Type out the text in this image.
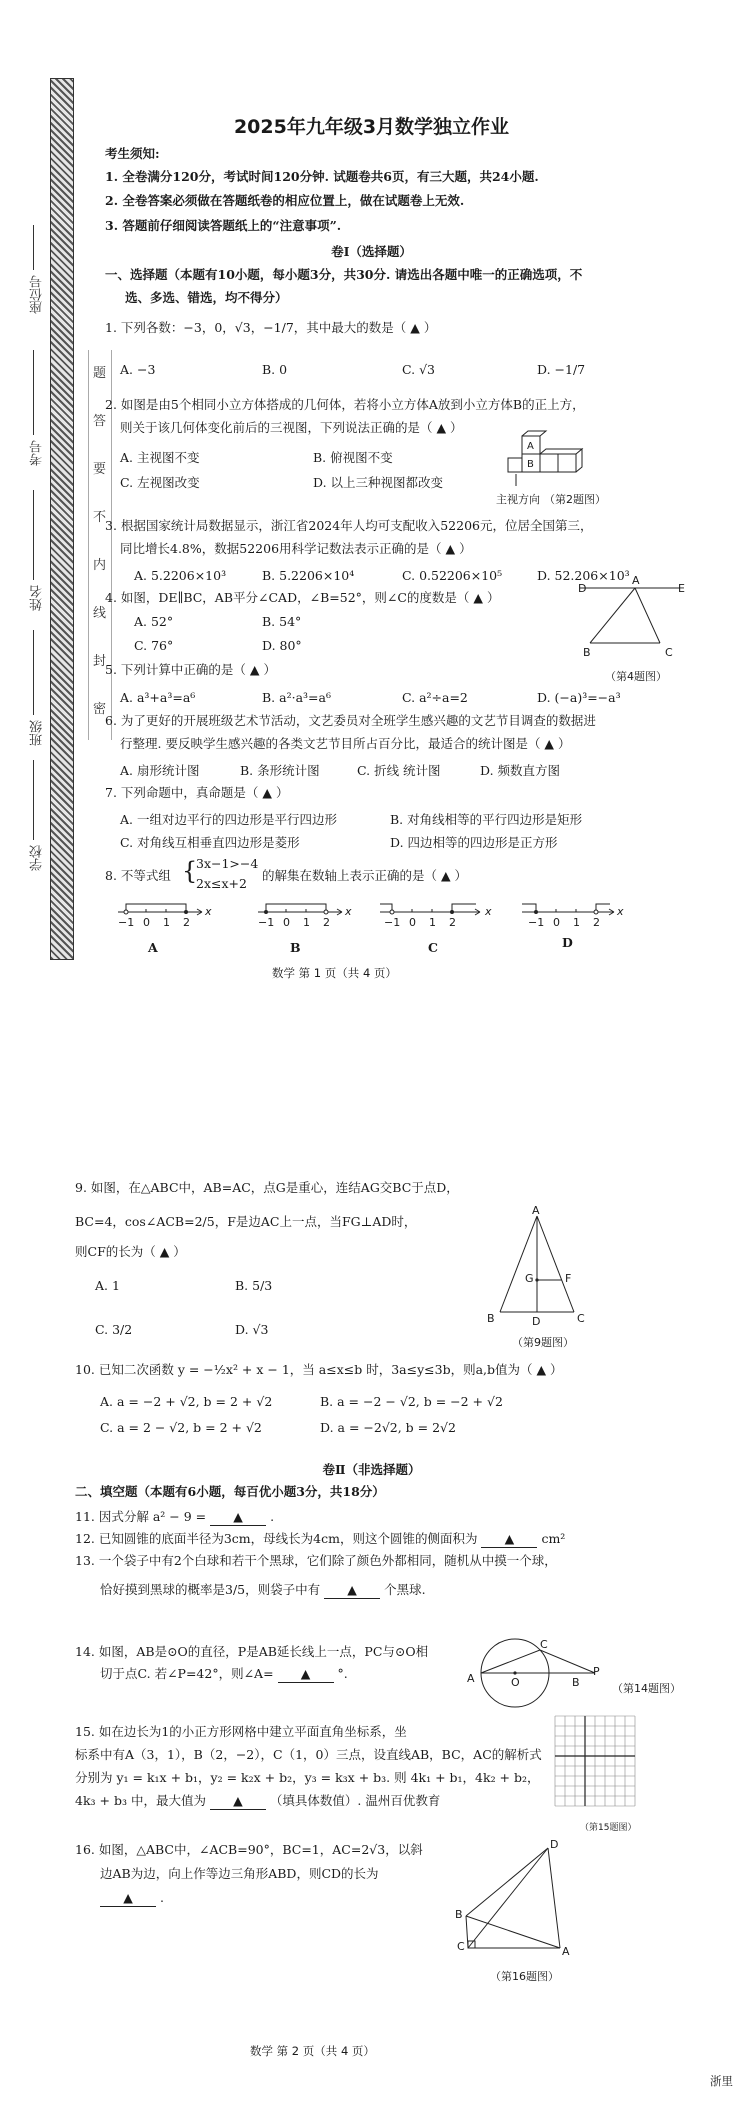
座位号
考号
姓名
班级
学校
题
答
要
不
内
线
封
密
2025年九年级3月数学独立作业
考生须知:
1. 全卷满分120分，考试时间120分钟. 试题卷共6页，有三大题，共24小题.
2. 全卷答案必须做在答题纸卷的相应位置上，做在试题卷上无效.
3. 答题前仔细阅读答题纸上的“注意事项”.
卷Ⅰ（选择题）
一、选择题（本题有10小题，每小题3分，共30分. 请选出各题中唯一的正确选项，不
选、多选、错选，均不得分）
1. 下列各数：−3，0，√3，−1/7，其中最大的数是（ ▲ ）
A. −3	B. 0	C. √3	D. −1/7
2. 如图是由5个相同小立方体搭成的几何体，若将小立方体A放到小立方体B的正上方，
则关于该几何体变化前后的三视图，下列说法正确的是（ ▲ ）
A. 主视图不变	B. 俯视图不变
C. 左视图改变	D. 以上三种视图都改变
A
B
主视方向 （第2题图）
3. 根据国家统计局数据显示，浙江省2024年人均可支配收入52206元，位居全国第三，
同比增长4.8%，数据52206用科学记数法表示正确的是（ ▲ ）
A. 5.2206×10³	B. 5.2206×10⁴	C. 0.52206×10⁵	D. 52.206×10³
4. 如图，DE∥BC，AB平分∠CAD，∠B=52°，则∠C的度数是（ ▲ ）
A. 52°	B. 54°
C. 76°	D. 80°
D
A
E
B	C
（第4题图）
5. 下列计算中正确的是（ ▲ ）
A. a³+a³=a⁶	B. a²·a³=a⁶	C. a²÷a=2	D. (−a)³=−a³
6. 为了更好的开展班级艺术节活动，文艺委员对全班学生感兴趣的文艺节目调查的数据进
行整理. 要反映学生感兴趣的各类文艺节目所占百分比，最适合的统计图是（ ▲ ）
A. 扇形统计图	B. 条形统计图	C. 折线 统计图	D. 频数直方图
7. 下列命题中，真命题是（ ▲ ）
A. 一组对边平行的四边形是平行四边形	B. 对角线相等的平行四边形是矩形
C. 对角线互相垂直四边形是菱形	D. 四边相等的四边形是正方形
8. 不等式组 {
3x−1>−4
2x≤x+2
的解集在数轴上表示正确的是（ ▲ ）
−1 0 1 2
x
−1 0 1 2
x
−1 0 1 2
x
−1 0 1 2
x
A	B	C	D
数学 第 1 页（共 4 页）
9. 如图，在△ABC中，AB=AC，点G是重心，连结AG交BC于点D，
BC=4，cos∠ACB=2/5，F是边AC上一点，当FG⊥AD时，
则CF的长为（ ▲ ）
A. 1	B. 5/3
C. 3/2	D. √3
A
G	F
B	D	C
（第9题图）
10. 已知二次函数 y = −½x² + x − 1，当 a≤x≤b 时，3a≤y≤3b，则a,b值为（ ▲ ）
A. a = −2 + √2, b = 2 + √2	B. a = −2 − √2, b = −2 + √2
C. a = 2 − √2, b = 2 + √2	D. a = −2√2, b = 2√2
卷Ⅱ（非选择题）
二、填空题（本题有6小题，每百优小题3分，共18分）
11. 因式分解 a² − 9 = ▲ .
12. 已知圆锥的底面半径为3cm，母线长为4cm，则这个圆锥的侧面积为 ▲ cm²
13. 一个袋子中有2个白球和若干个黑球，它们除了颜色外都相同，随机从中摸一个球，
恰好摸到黑球的概率是3/5，则袋子中有 ▲ 个黑球.
14. 如图，AB是⊙O的直径，P是AB延长线上一点，PC与⊙O相
切于点C. 若∠P=42°，则∠A= ▲ °.	A	O	B
P
C
（第14题图）
15. 如在边长为1的小正方形网格中建立平面直角坐标系，坐
标系中有A（3，1），B（2，−2），C（1，0）三点，设直线AB，BC，AC的解析式
分别为 y₁ = k₁x + b₁，y₂ = k₂x + b₂，y₃ = k₃x + b₃. 则 4k₁ + b₁，4k₂ + b₂，
4k₃ + b₃ 中，最大值为 ▲ （填具体数值）. 温州百优教育
（第15题图）
16. 如图，△ABC中，∠ACB=90°，BC=1，AC=2√3，以斜
边AB为边，向上作等边三角形ABD，则CD的长为
▲ .
D
B
C	A
（第16题图）
数学 第 2 页（共 4 页）
浙里
